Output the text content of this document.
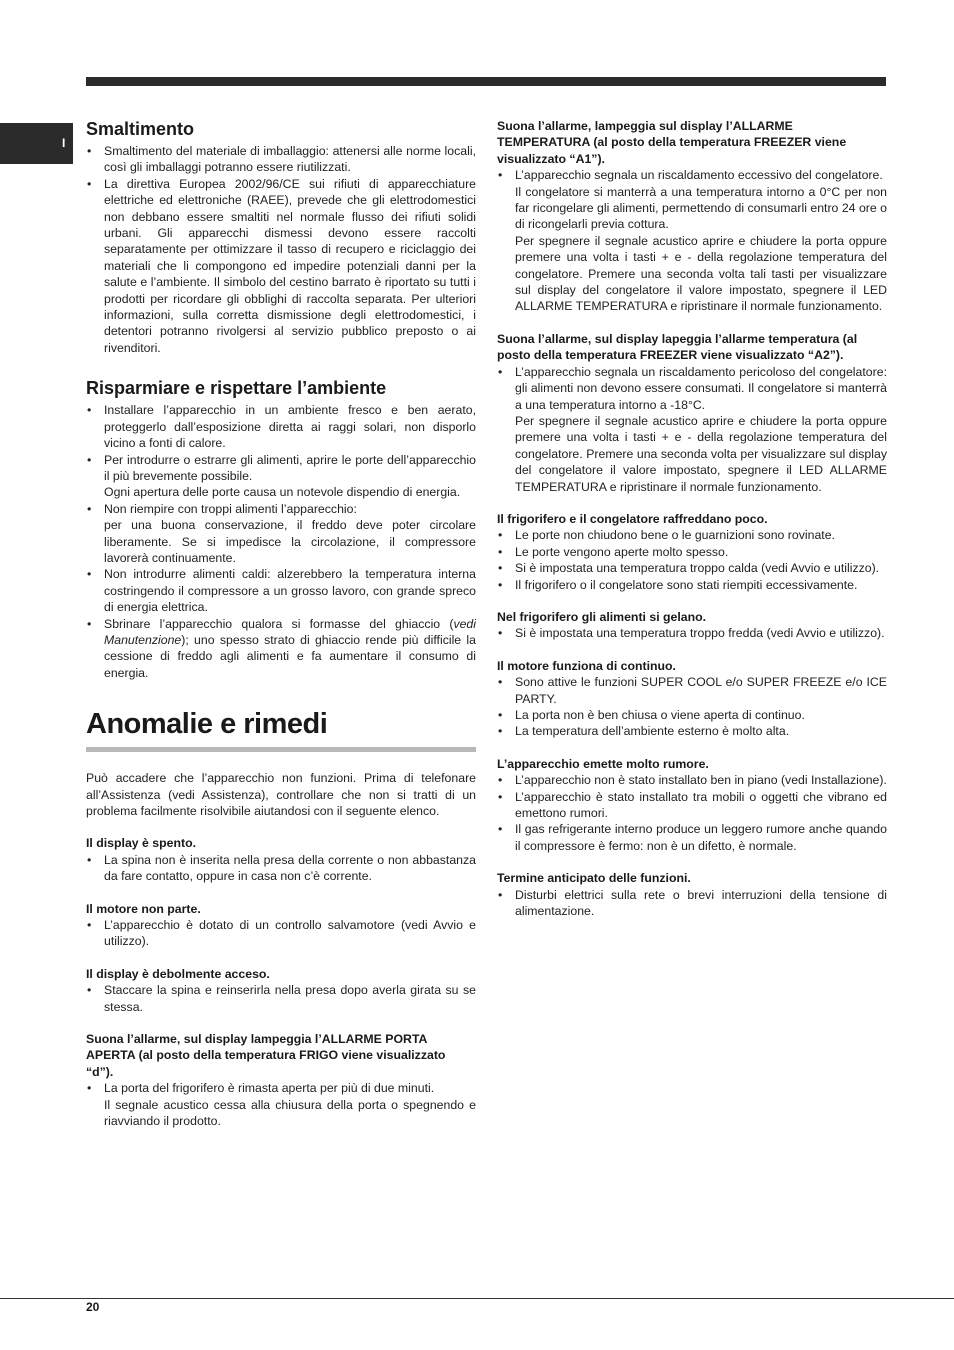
I
Smaltimento
• Smaltimento del materiale di imballaggio: attenersi alle norme locali, così gli imballaggi potranno essere riutilizzati.
• La direttiva Europea 2002/96/CE sui rifiuti di apparecchiature elettriche ed elettroniche (RAEE), prevede che gli elettrodomestici non debbano essere smaltiti nel normale flusso dei rifiuti solidi urbani. Gli apparecchi dismessi devono essere raccolti separatamente per ottimizzare il tasso di recupero e riciclaggio dei materiali che li compongono ed impedire potenziali danni per la salute e l’ambiente. Il simbolo del cestino barrato è riportato su tutti i prodotti per ricordare gli obblighi di raccolta separata. Per ulteriori informazioni, sulla corretta dismissione degli elettrodomestici, i detentori potranno rivolgersi al servizio pubblico preposto o ai rivenditori.
Risparmiare e rispettare l’ambiente
• Installare l’apparecchio in un ambiente fresco e ben aerato, proteggerlo dall’esposizione diretta ai raggi solari, non disporlo vicino a fonti di calore.
• Per introdurre o estrarre gli alimenti, aprire le porte dell’apparecchio il più brevemente possibile.
Ogni apertura delle porte causa un notevole dispendio di energia.
• Non riempire con troppi alimenti l’apparecchio:
per una buona conservazione, il freddo deve poter circolare liberamente. Se si impedisce la circolazione, il compressore lavorerà continuamente.
• Non introdurre alimenti caldi: alzerebbero la temperatura interna costringendo il compressore a un grosso lavoro, con grande spreco di energia elettrica.
• Sbrinare l’apparecchio qualora si formasse del ghiaccio (vedi Manutenzione); uno spesso strato di ghiaccio rende più difficile la cessione di freddo agli alimenti e fa aumentare il consumo di energia.
Anomalie e rimedi

Può accadere che l’apparecchio non funzioni. Prima di telefonare all’Assistenza (vedi Assistenza), controllare che non si tratti di un problema facilmente risolvibile aiutandosi con il seguente elenco.

Il display è spento.

• La spina non è inserita nella presa della corrente o non abbastanza da fare contatto, oppure in casa non c’è corrente.

Il motore non parte.

• L’apparecchio è dotato di un controllo salvamotore (vedi Avvio e utilizzo).

Il display è debolmente acceso.

• Staccare la spina e reinserirla nella presa dopo averla girata su se stessa.

Suona l’allarme, sul display lampeggia l’ALLARME PORTA APERTA (al posto della temperatura FRIGO viene visualizzato “d”).

• La porta del frigorifero è rimasta aperta per più di due minuti.
Il segnale acustico cessa alla chiusura della porta o spegnendo e riavviando il prodotto.

Suona l’allarme, lampeggia sul display l’ALLARME TEMPERATURA (al posto della temperatura FREEZER viene visualizzato “A1”).

• L’apparecchio segnala un riscaldamento eccessivo del congelatore.
Il congelatore si manterrà a una temperatura intorno a 0°C per non far ricongelare gli alimenti, permettendo di consumarli entro 24 ore o di ricongelarli previa cottura.
Per spegnere il segnale acustico aprire e chiudere la porta oppure premere una volta i tasti + e - della regolazione temperatura del congelatore. Premere una seconda volta tali tasti per visualizzare sul display del congelatore il valore impostato, spegnere il LED ALLARME TEMPERATURA e ripristinare il normale funzionamento.

Suona l’allarme, sul display lapeggia l’allarme temperatura (al posto della temperatura FREEZER viene visualizzato “A2”).

• L’apparecchio segnala un riscaldamento pericoloso del congelatore: gli alimenti non devono essere consumati. Il congelatore si manterrà a una temperatura intorno a -18°C.
Per spegnere il segnale acustico aprire e chiudere la porta oppure premere una volta i tasti + e - della regolazione temperatura del congelatore. Premere una seconda volta per visualizzare sul display del congelatore il valore impostato, spegnere il LED ALLARME TEMPERATURA e ripristinare il normale funzionamento.

Il frigorifero e il congelatore raffreddano poco.

• Le porte non chiudono bene o le guarnizioni sono rovinate.
• Le porte vengono aperte molto spesso.
• Si è impostata una temperatura troppo calda (vedi Avvio e utilizzo).
• Il frigorifero o il congelatore sono stati riempiti eccessivamente.

Nel frigorifero gli alimenti si gelano.

• Si è impostata una temperatura troppo fredda (vedi Avvio e utilizzo).

Il motore funziona di continuo.

• Sono attive le funzioni SUPER COOL e/o SUPER FREEZE e/o ICE PARTY.
• La porta non è ben chiusa o viene aperta di continuo.
• La temperatura dell’ambiente esterno è molto alta.

L’apparecchio emette molto rumore.

• L’apparecchio non è stato installato ben in piano (vedi Installazione).
• L’apparecchio è stato installato tra mobili o oggetti che vibrano ed emettono rumori.
• Il gas refrigerante interno produce un leggero rumore anche quando il compressore è fermo: non è un difetto, è normale.

Termine anticipato delle funzioni.

• Disturbi elettrici sulla rete o brevi interruzioni della tensione di alimentazione.
20
